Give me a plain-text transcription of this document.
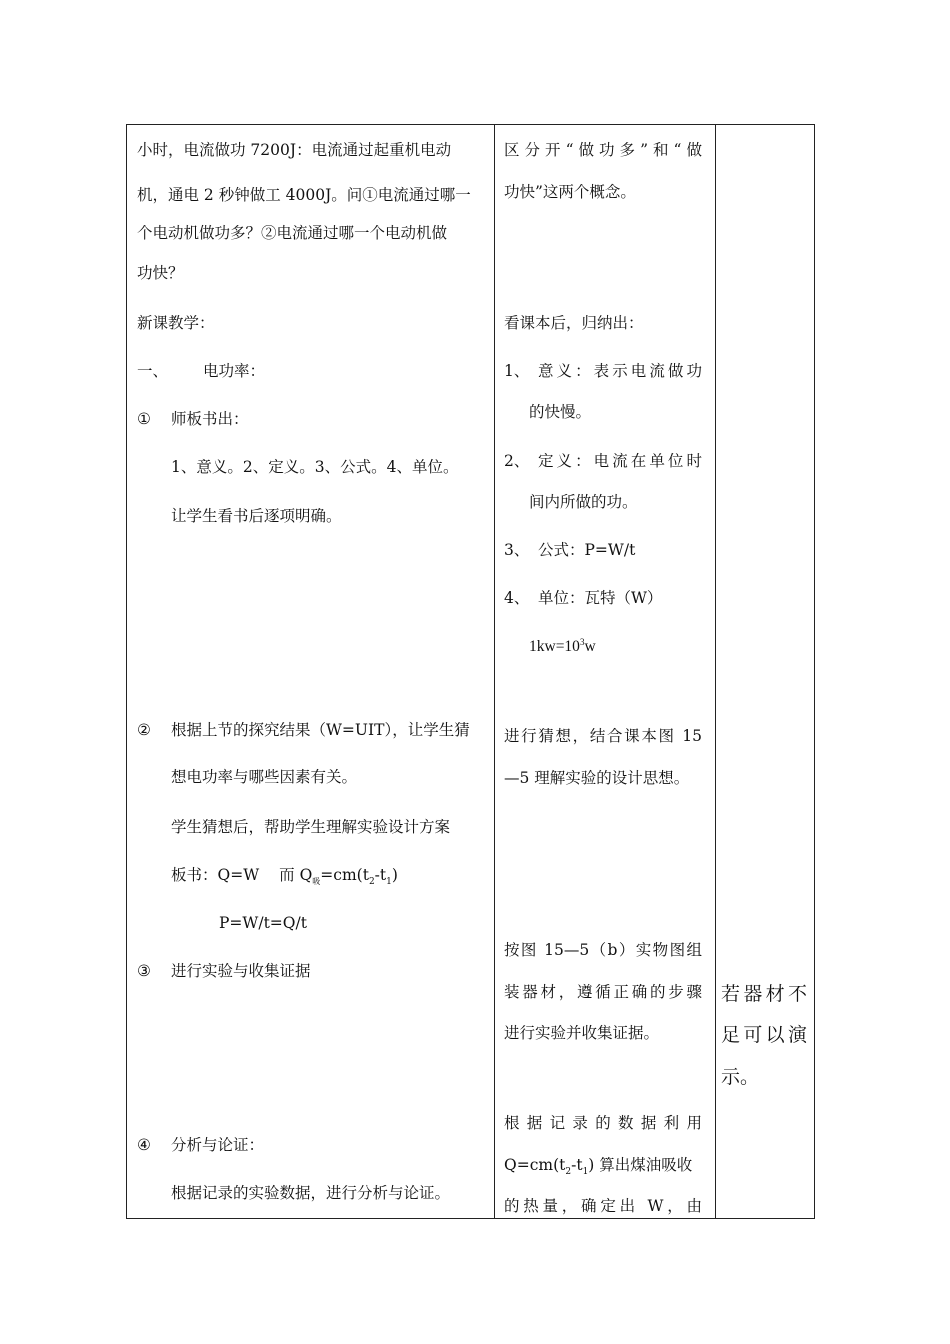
小时，电流做功 7200J：电流通过起重机电动
机，通电 2 秒钟做工 4000J。问①电流通过哪一
个电动机做功多？②电流通过哪一个电动机做
功快？
新课教学：
一、 电功率：
① 师板书出：
1、意义。2、定义。3、公式。4、单位。
让学生看书后逐项明确。
② 根据上节的探究结果（W=UIT），让学生猜
想电功率与哪些因素有关。
学生猜想后，帮助学生理解实验设计方案
板书：Q=W 而 $Q_吸=cm(t_2-t_1)$
P=W/t=Q/t
③ 进行实验与收集证据
④ 分析与论证：
根据记录的实验数据，进行分析与论证。
区分开“做功多”和“做
功快”这两个概念。
看课本后，归纳出：
1、 意义：表示电流做功
的快慢。
2、 定义：电流在单位时
间内所做的功。
3、 公式：P=W/t
4、 单位：瓦特（W）
$1kw=10^3w$
进行猜想，结合课本图 15
—5 理解实验的设计思想。
按图 15—5（b）实物图组
装器材，遵循正确的步骤
进行实验并收集证据。
根据记录的数据利用
$Q=cm(t_2-t_1)$ 算出煤油吸收
的热量，确定出 W，由
若器材不
足可以演
示。
